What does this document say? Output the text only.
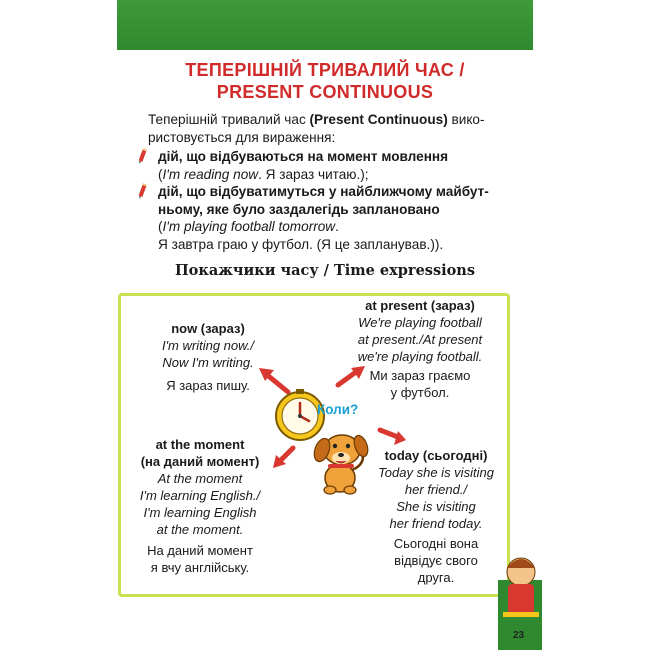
ТЕПЕРІШНІЙ ТРИВАЛИЙ ЧАС /
PRESENT CONTINUOUS
Теперішній тривалий час (Present Continuous) вико-
ристовується для вираження:
дій, що відбуваються на момент мовлення
(I'm reading now. Я зараз читаю.);
дій, що відбуватимуться у найближчому майбут-
ньому, яке було заздалегідь заплановано
(I'm playing football tomorrow.
Я завтра граю у футбол. (Я це запланував.)).
Покажчики часу / Time expressions
now (зараз)
I'm writing now./
Now I'm writing.
Я зараз пишу.
at present (зараз)
We're playing football
at present./At present
we're playing football.
Ми зараз граємо
у футбол.
at the moment
(на даний момент)
At the moment
I'm learning English./
I'm learning English
at the moment.
На даний момент
я вчу англійську.
today (сьогодні)
Today she is visiting
her friend./
She is visiting
her friend today.
Сьогодні вона
відвідує свого
друга.
Коли?
23
